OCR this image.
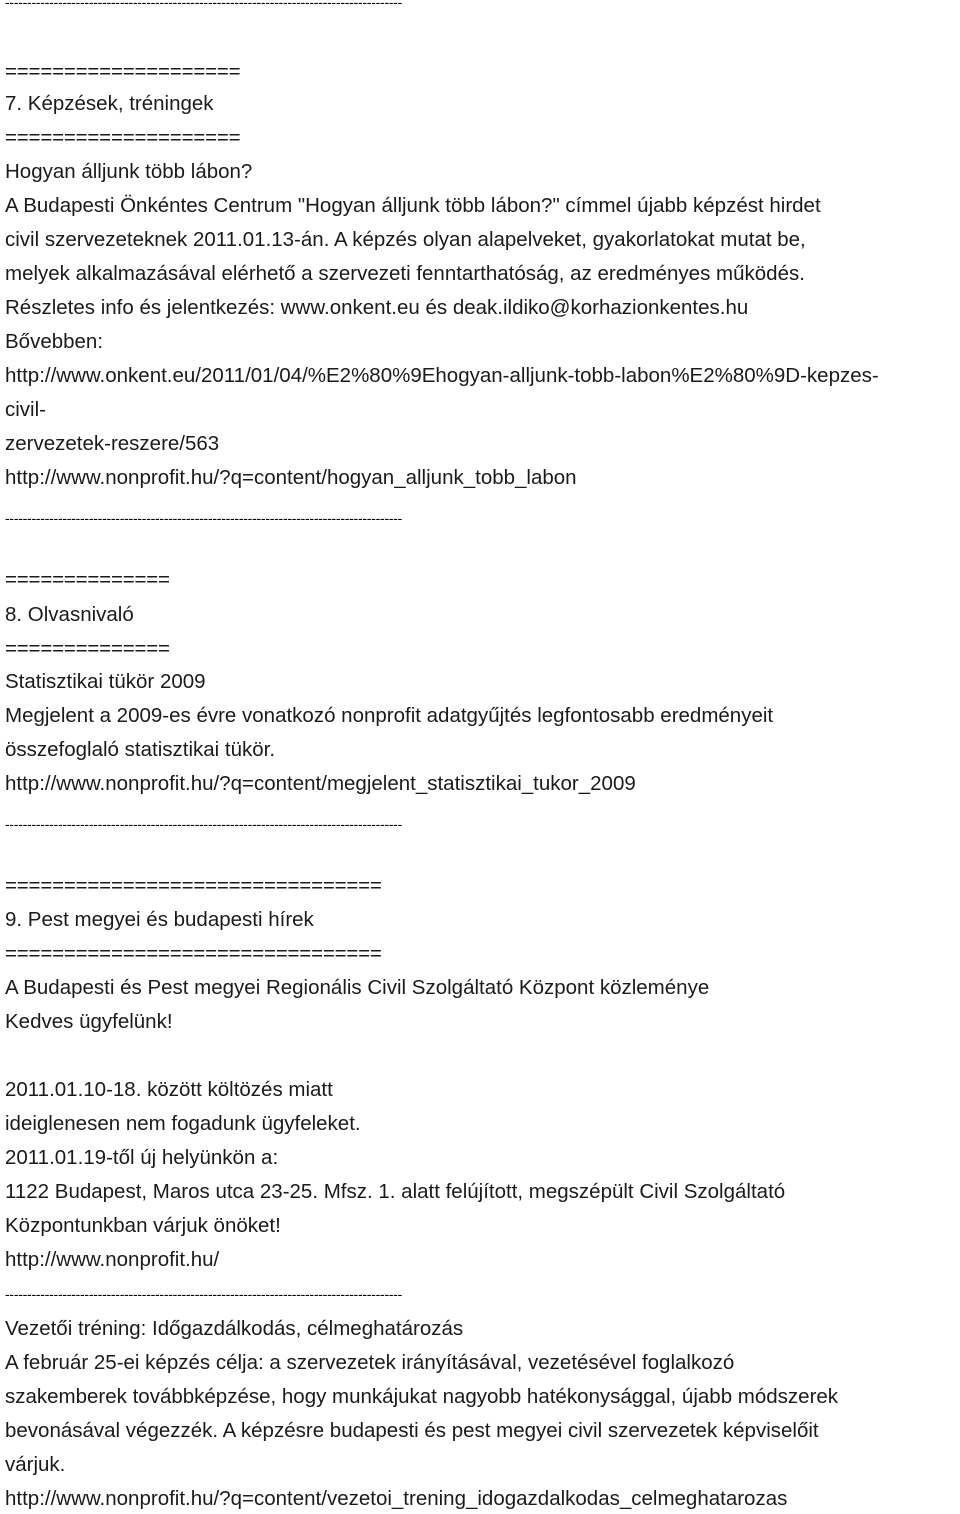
------------------------------------------------------------------------------------------
====================
7. Képzések, tréningek
====================
Hogyan álljunk több lábon?
A Budapesti Önkéntes Centrum "Hogyan álljunk több lábon?" címmel újabb képzést hirdet
civil szervezeteknek 2011.01.13-án. A képzés olyan alapelveket, gyakorlatokat mutat be,
melyek alkalmazásával elérhető a szervezeti fenntarthatóság, az eredményes működés.
Részletes info és jelentkezés: www.onkent.eu és deak.ildiko@korhazionkentes.hu
Bővebben:
http://www.onkent.eu/2011/01/04/%E2%80%9Ehogyan-alljunk-tobb-labon%E2%80%9D-kepzes-
civil-
zervezetek-reszere/563
http://www.nonprofit.hu/?q=content/hogyan_alljunk_tobb_labon
------------------------------------------------------------------------------------------
==============
8. Olvasnivaló
==============
Statisztikai tükör 2009
Megjelent a 2009-es évre vonatkozó nonprofit adatgyűjtés legfontosabb eredményeit
összefoglaló statisztikai tükör.
http://www.nonprofit.hu/?q=content/megjelent_statisztikai_tukor_2009
------------------------------------------------------------------------------------------
================================
9. Pest megyei és budapesti hírek
================================
A Budapesti és Pest megyei Regionális Civil Szolgáltató Központ közleménye
Kedves ügyfelünk!
2011.01.10-18. között költözés miatt
ideiglenesen nem fogadunk ügyfeleket.
2011.01.19-től új helyünkön a:
1122 Budapest, Maros utca 23-25. Mfsz. 1. alatt felújított, megszépült Civil Szolgáltató
Központunkban várjuk önöket!
http://www.nonprofit.hu/
------------------------------------------------------------------------------------------
Vezetői tréning: Időgazdálkodás, célmeghatározás
A február 25-ei képzés célja: a szervezetek irányításával, vezetésével foglalkozó
szakemberek továbbképzése, hogy munkájukat nagyobb hatékonysággal, újabb módszerek
bevonásával végezzék. A képzésre budapesti és pest megyei civil szervezetek képviselőit
várjuk.
http://www.nonprofit.hu/?q=content/vezetoi_trening_idogazdalkodas_celmeghatarozas
